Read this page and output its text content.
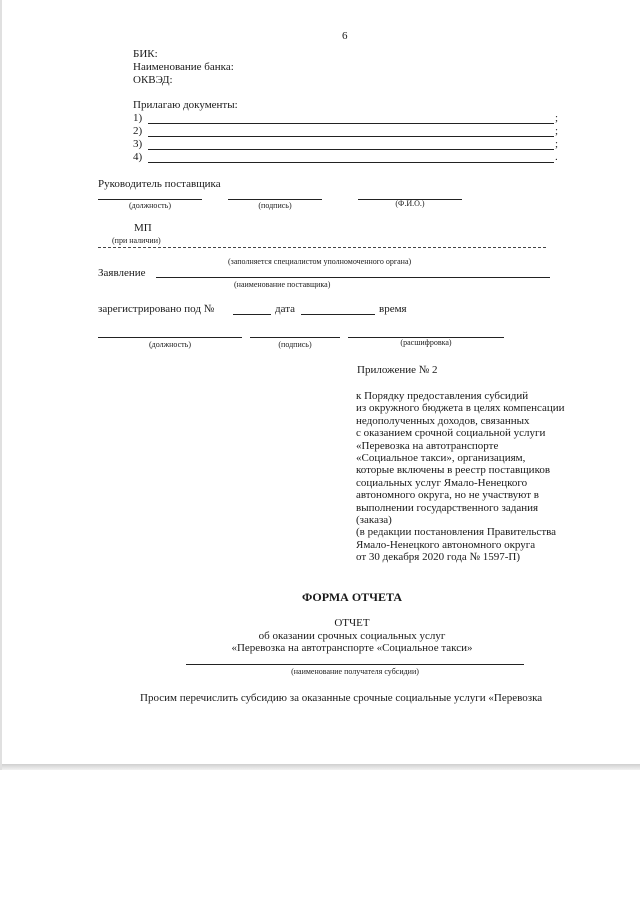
6
БИК:
Наименование банка:
ОКВЭД:
Прилагаю документы:
1)	;
2)	;
3)	;
4)	.
Руководитель поставщика
(должность)	(подпись)	(Ф.И.О.)
МП
(при наличии)
(заполняется специалистом уполномоченного органа)
Заявление
(наименование поставщика)
зарегистрировано под №	дата	время
(должность)	(подпись)	(расшифровка)
Приложение № 2
к Порядку предоставления субсидий
из окружного бюджета в целях компенсации
недополученных доходов, связанных
с оказанием срочной социальной услуги
«Перевозка на автотранспорте
«Социальное такси», организациям,
которые включены в реестр поставщиков
социальных услуг Ямало-Ненецкого
автономного округа, но не участвуют в
выполнении государственного задания
(заказа)
(в редакции постановления Правительства
Ямало-Ненецкого автономного округа
от 30 декабря 2020 года № 1597-П)
ФОРМА ОТЧЕТА
ОТЧЕТ
об оказании срочных социальных услуг
«Перевозка на автотранспорте «Социальное такси»
(наименование получателя субсидии)
Просим перечислить субсидию за оказанные срочные социальные услуги «Перевозка
